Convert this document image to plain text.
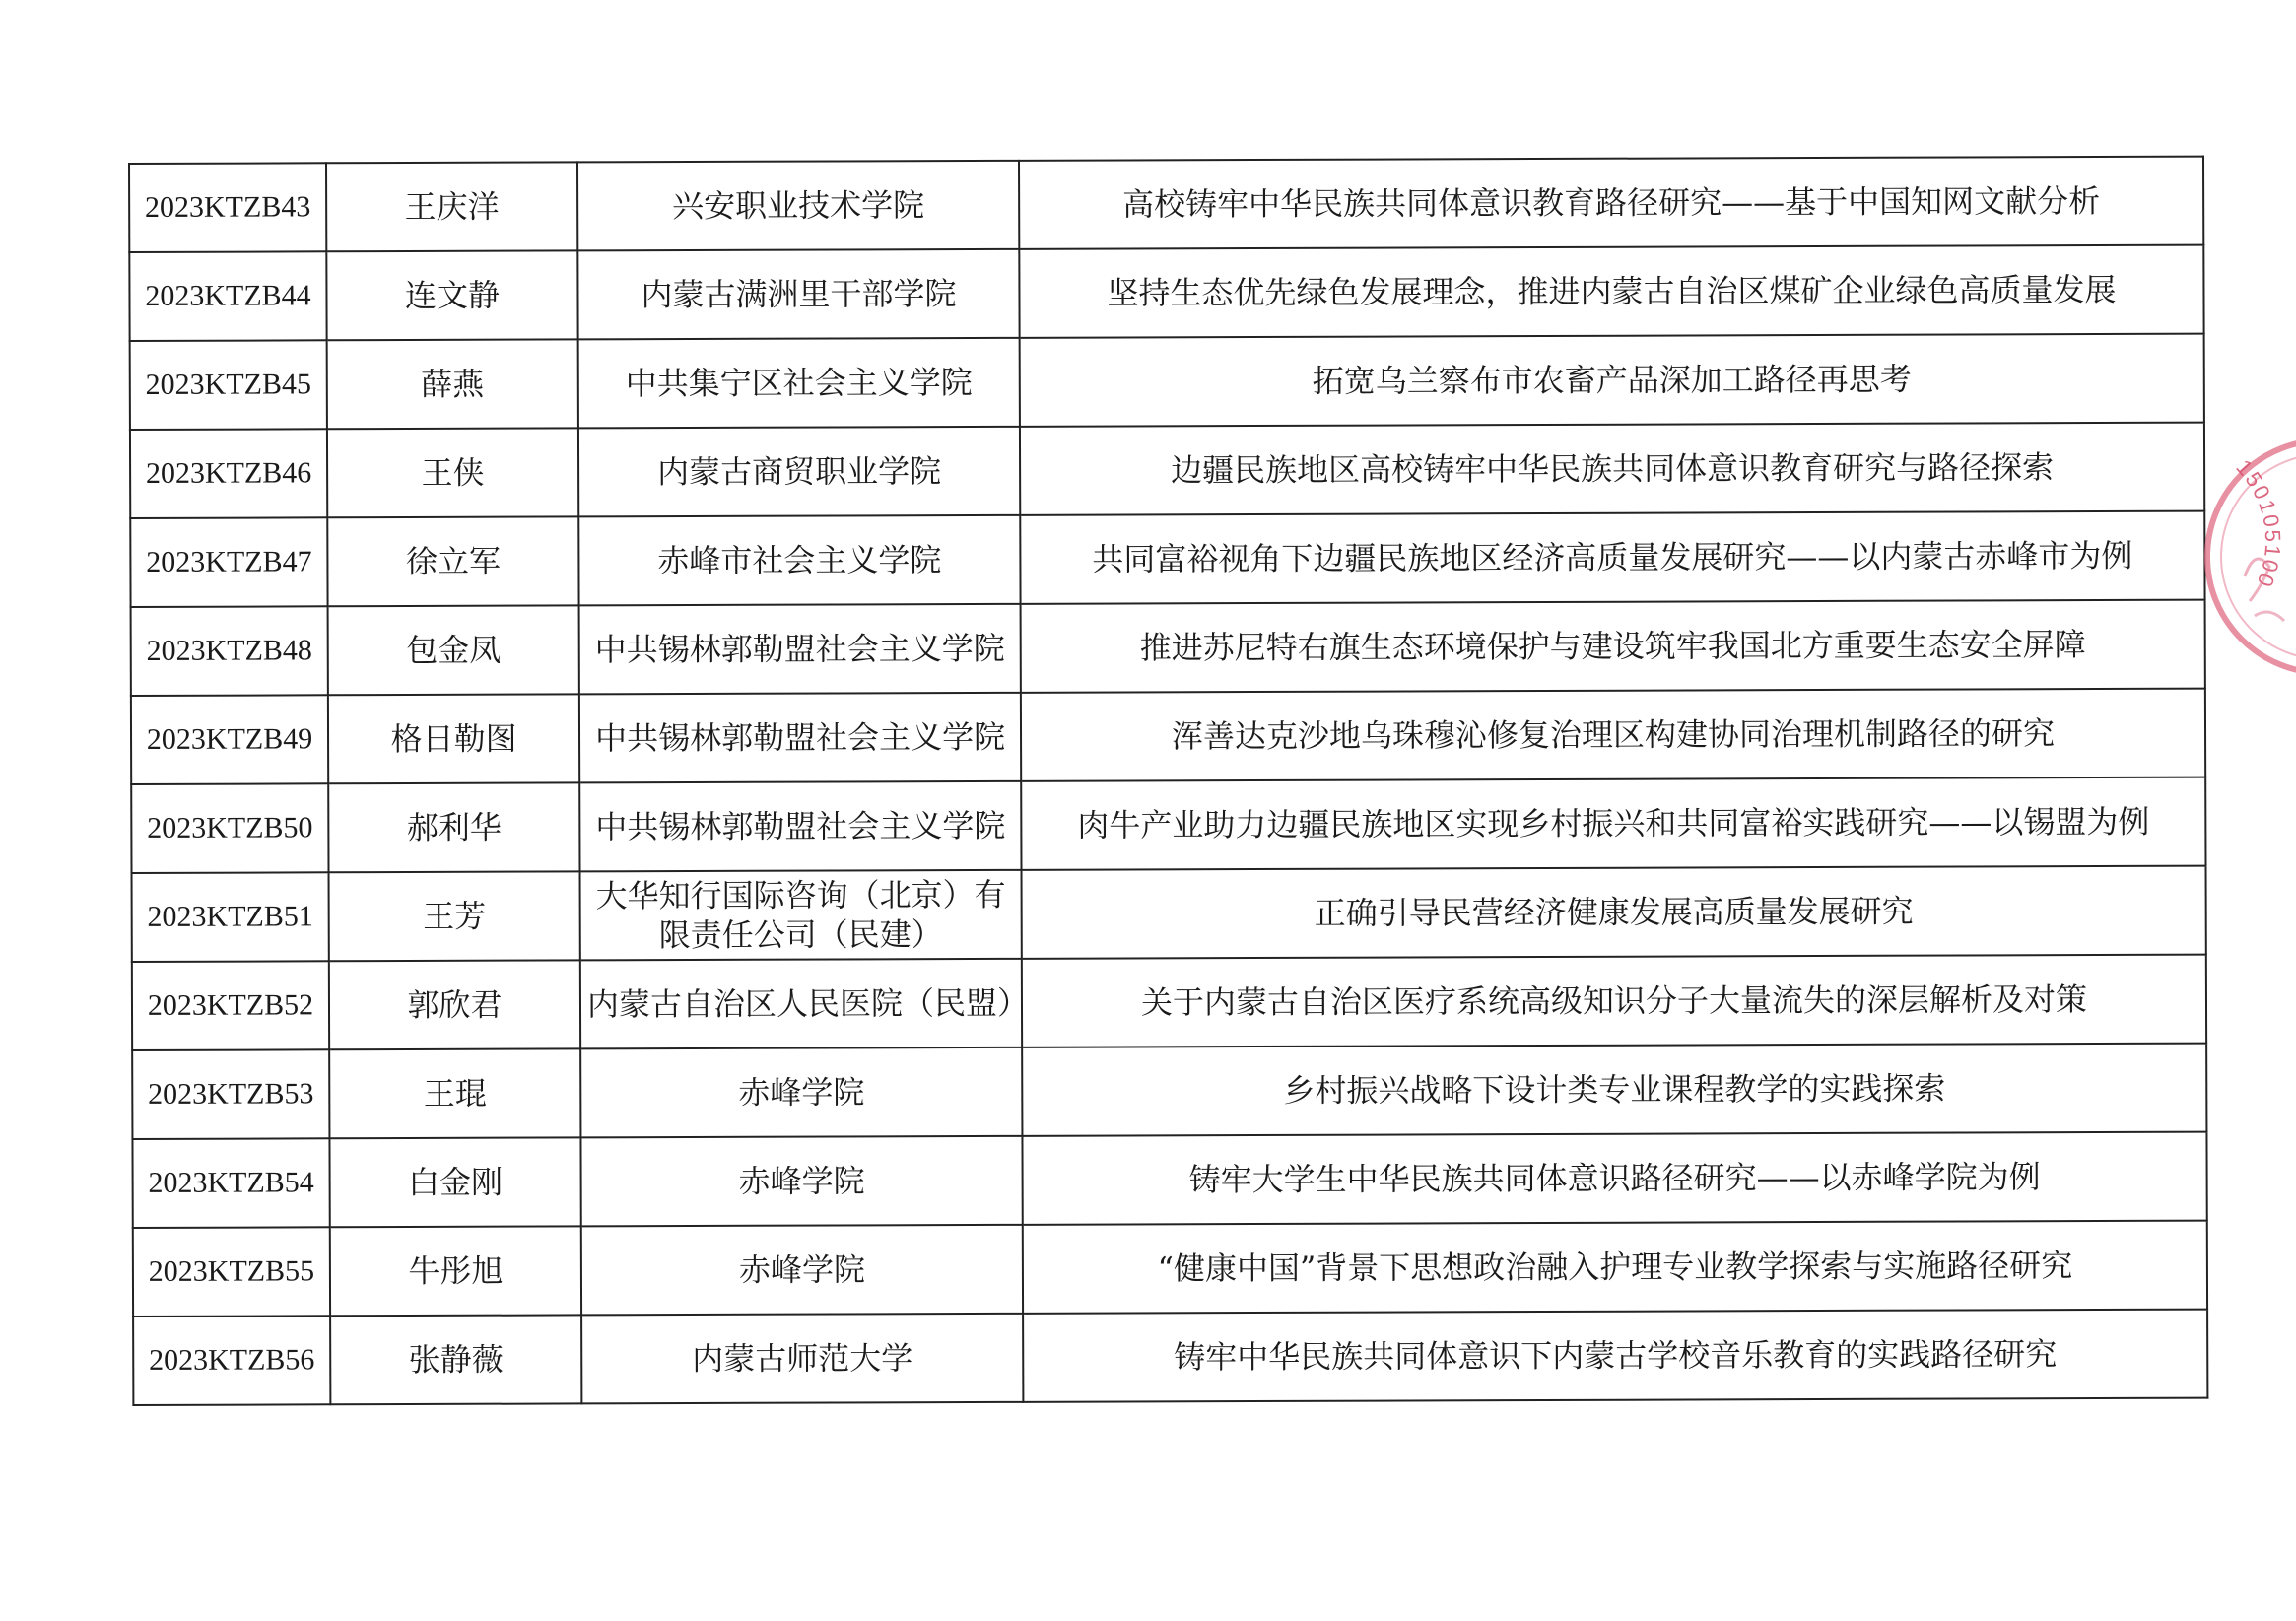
2023KTZB43	王庆洋	兴安职业技术学院	高校铸牢中华民族共同体意识教育路径研究——基于中国知网文献分析
2023KTZB44	连文静	内蒙古满洲里干部学院	坚持生态优先绿色发展理念，推进内蒙古自治区煤矿企业绿色高质量发展
2023KTZB45	薛燕	中共集宁区社会主义学院	拓宽乌兰察布市农畜产品深加工路径再思考
2023KTZB46	王侠	内蒙古商贸职业学院	边疆民族地区高校铸牢中华民族共同体意识教育研究与路径探索
2023KTZB47	徐立军	赤峰市社会主义学院	共同富裕视角下边疆民族地区经济高质量发展研究——以内蒙古赤峰市为例
2023KTZB48	包金凤	中共锡林郭勒盟社会主义学院	推进苏尼特右旗生态环境保护与建设筑牢我国北方重要生态安全屏障
2023KTZB49	格日勒图	中共锡林郭勒盟社会主义学院	浑善达克沙地乌珠穆沁修复治理区构建协同治理机制路径的研究
2023KTZB50	郝利华	中共锡林郭勒盟社会主义学院	肉牛产业助力边疆民族地区实现乡村振兴和共同富裕实践研究——以锡盟为例
2023KTZB51	王芳	大华知行国际咨询（北京）有限责任公司（民建）	正确引导民营经济健康发展高质量发展研究
2023KTZB52	郭欣君	内蒙古自治区人民医院（民盟）	关于内蒙古自治区医疗系统高级知识分子大量流失的深层解析及对策
2023KTZB53	王琨	赤峰学院	乡村振兴战略下设计类专业课程教学的实践探索
2023KTZB54	白金刚	赤峰学院	铸牢大学生中华民族共同体意识路径研究——以赤峰学院为例
2023KTZB55	牛彤旭	赤峰学院	“健康中国”背景下思想政治融入护理专业教学探索与实施路径研究
2023KTZB56	张静薇	内蒙古师范大学	铸牢中华民族共同体意识下内蒙古学校音乐教育的实践路径研究
150105100
